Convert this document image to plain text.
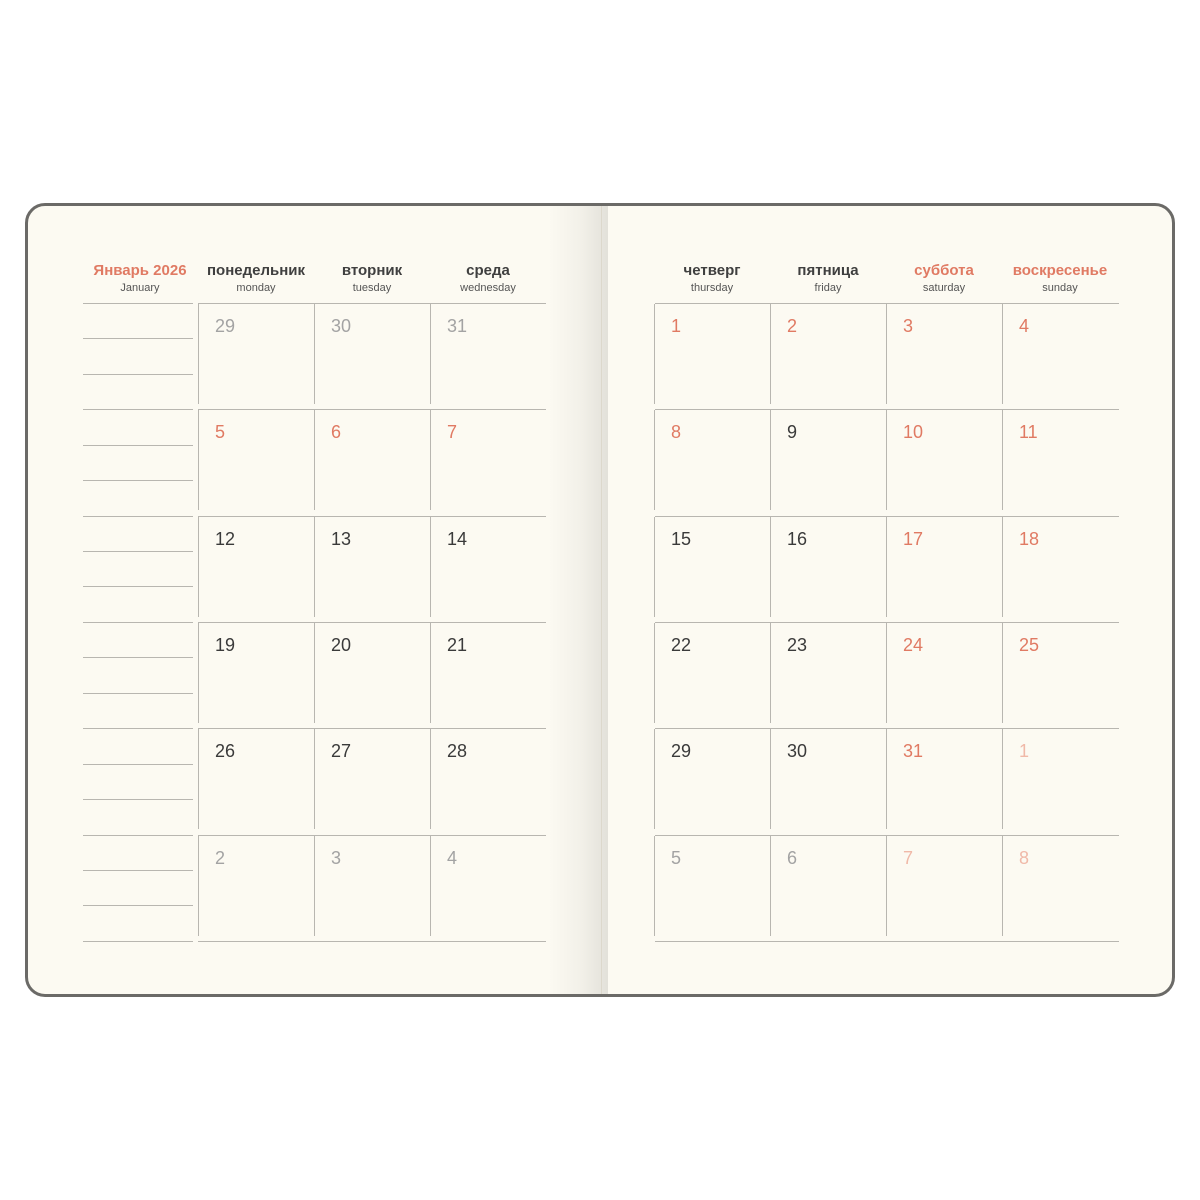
Январь 2026
January
понедельник
monday
вторник
tuesday
среда
wednesday
четверг
thursday
пятница
friday
суббота
saturday
воскресенье
sunday
29	30	31	1	2	3	4
5	6	7	8	9	10	11
12	13	14	15	16	17	18
19	20	21	22	23	24	25
26	27	28	29	30	31	1
2	3	4	5	6	7	8
